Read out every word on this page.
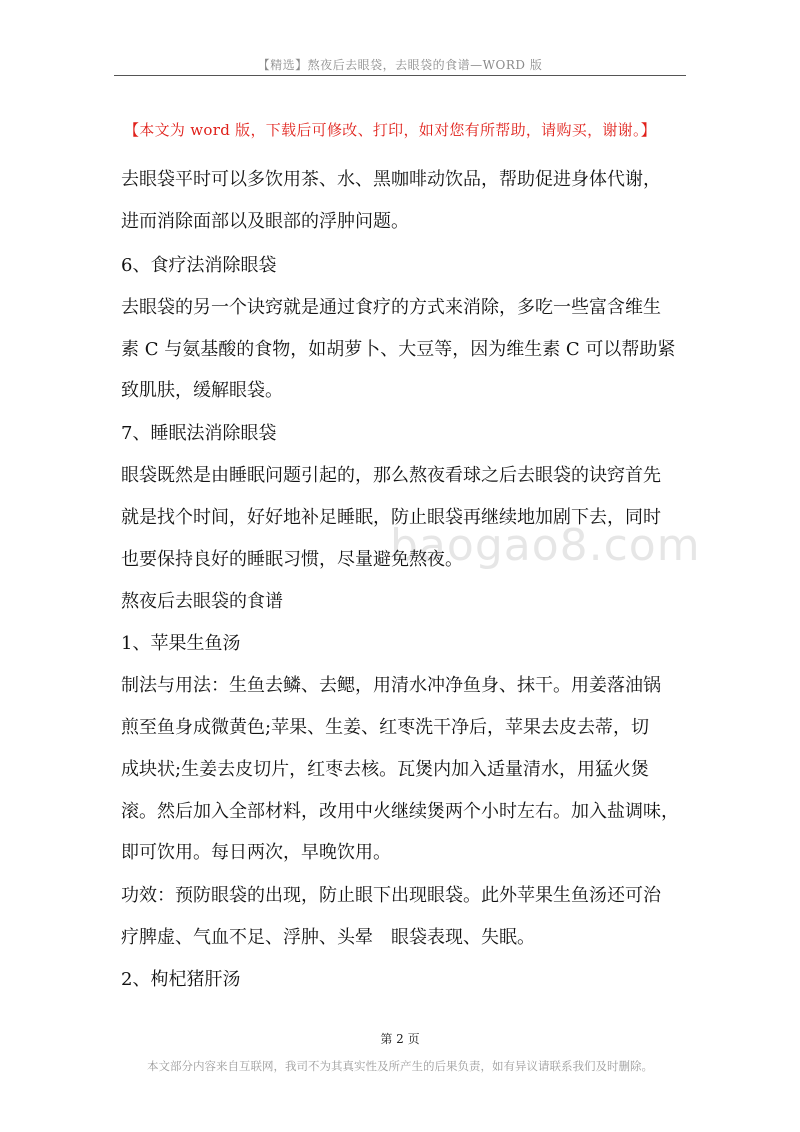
【精选】熬夜后去眼袋，去眼袋的食谱—WORD 版
【本文为 word 版，下载后可修改、打印，如对您有所帮助，请购买，谢谢。】
baogao8.com
去眼袋平时可以多饮用茶、水、黑咖啡动饮品，帮助促进身体代谢，
进而消除面部以及眼部的浮肿问题。
6、食疗法消除眼袋
去眼袋的另一个诀窍就是通过食疗的方式来消除，多吃一些富含维生
素 C 与氨基酸的食物，如胡萝卜、大豆等，因为维生素 C 可以帮助紧
致肌肤，缓解眼袋。
7、睡眠法消除眼袋
眼袋既然是由睡眠问题引起的，那么熬夜看球之后去眼袋的诀窍首先
就是找个时间，好好地补足睡眠，防止眼袋再继续地加剧下去，同时
也要保持良好的睡眠习惯，尽量避免熬夜。
熬夜后去眼袋的食谱
1、苹果生鱼汤
制法与用法：生鱼去鳞、去鳃，用清水冲净鱼身、抹干。用姜落油锅
煎至鱼身成微黄色;苹果、生姜、红枣洗干净后，苹果去皮去蒂，切
成块状;生姜去皮切片，红枣去核。瓦煲内加入适量清水，用猛火煲
滚。然后加入全部材料，改用中火继续煲两个小时左右。加入盐调味，
即可饮用。每日两次，早晚饮用。
功效：预防眼袋的出现，防止眼下出现眼袋。此外苹果生鱼汤还可治
疗脾虚、气血不足、浮肿、头晕　眼袋表现、失眠。
2、枸杞猪肝汤
第 2 页
本文部分内容来自互联网，我司不为其真实性及所产生的后果负责，如有异议请联系我们及时删除。
